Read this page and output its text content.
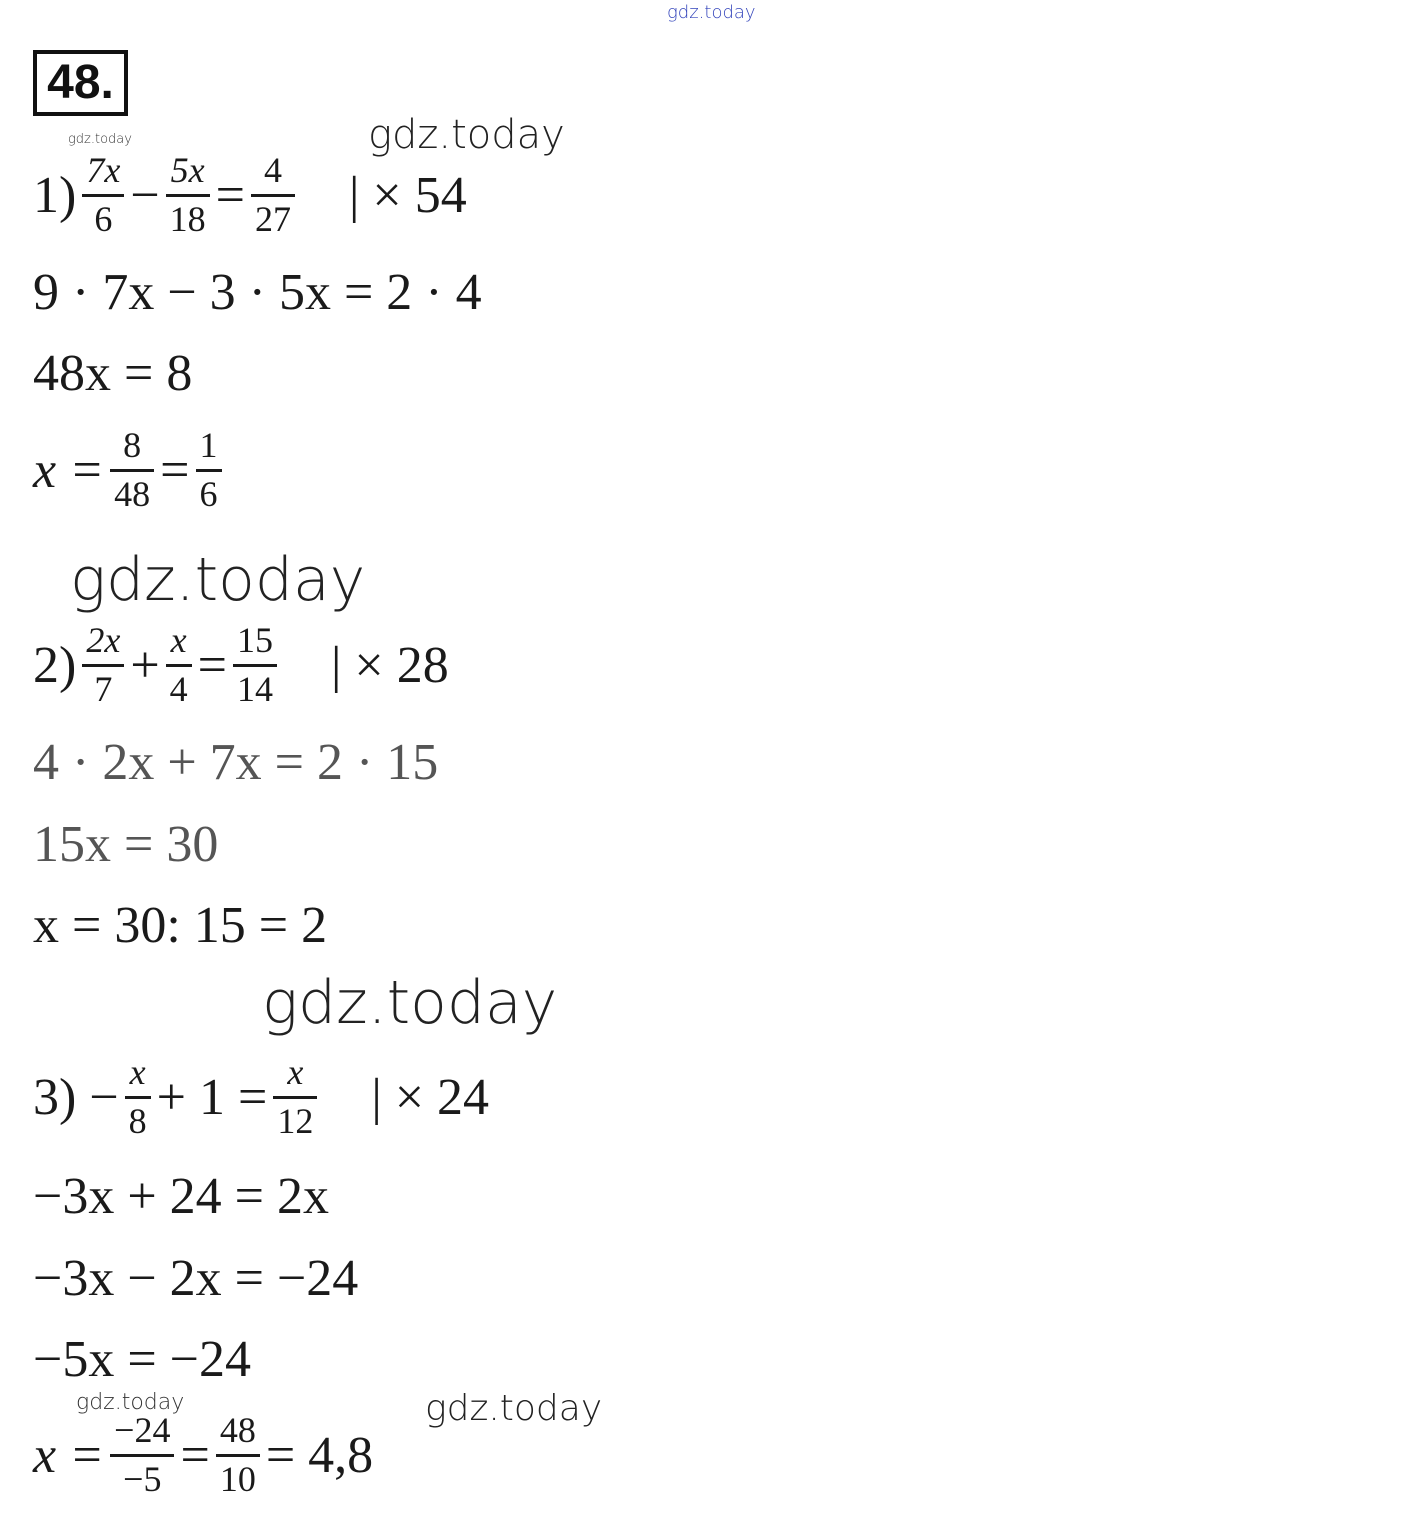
gdz.today
gdz.today	gdz.today
gdz.today
gdz.today
gdz.today	gdz.today
48.
$1) \frac{7x}{6} - \frac{5x}{18} = \frac{4}{27}$ | × 54
9 · 7x − 3 · 5x = 2 · 4
48x = 8
$x = \frac{8}{48} = \frac{1}{6}$
$2) \frac{2x}{7} + \frac{x}{4} = \frac{15}{14}$ | × 28
4 · 2x + 7x = 2 · 15
15x = 30
x = 30: 15 = 2
$3) - \frac{x}{8} + 1 = \frac{x}{12}$ | × 24
−3x + 24 = 2x
−3x − 2x = −24
−5x = −24
$x = \frac{-24}{-5} = \frac{48}{10} = 4,8$
